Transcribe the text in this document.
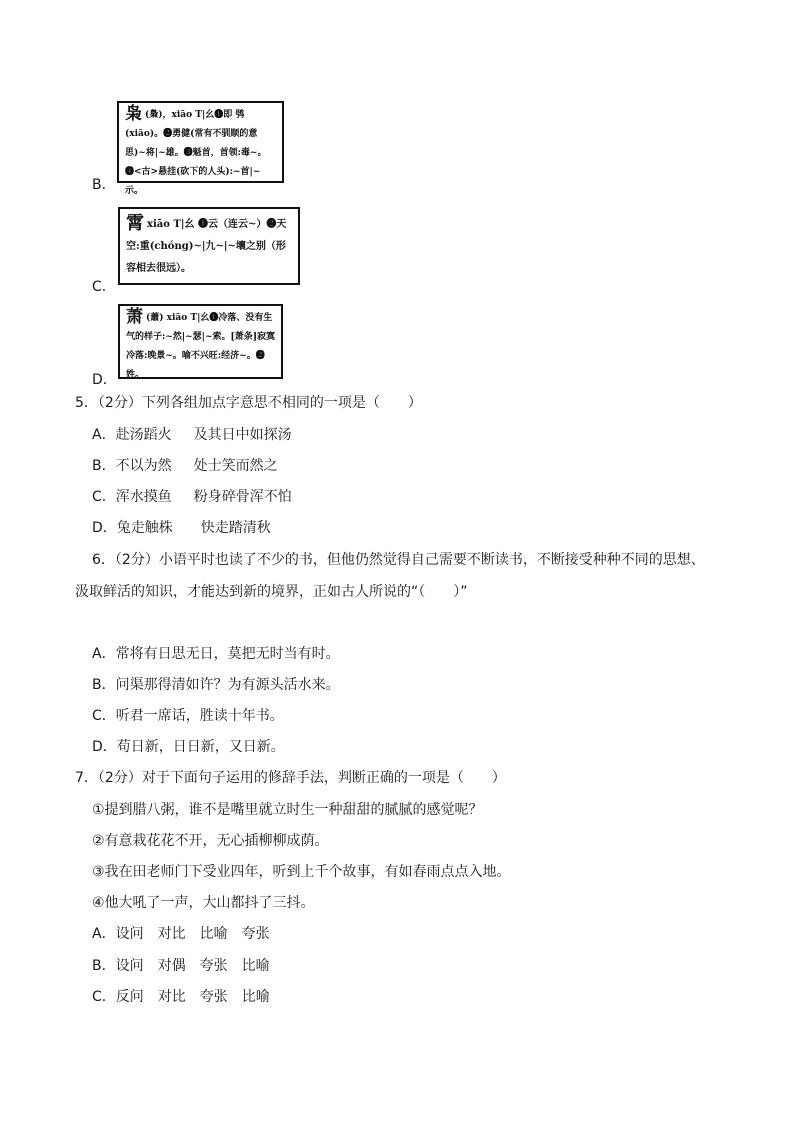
B．
枭 (梟)，xiāo T|幺❶即 鸮(xiāo)。❷勇健(常有不驯顺的意思)~将|~雄。❸魁首，首领:毒~。❹<古>悬挂(砍下的人头):~首|~示。
C．
霄xiāo T|幺 ❶云（连云~）❷天空:重(chóng)~|九~|~壤之别（形容相去很远）。
D．
萧 (蕭) xiāo T|幺❶冷落、没有生气的样子:~然|~瑟|~索。[萧条]寂寞冷落:晚景~。喻不兴旺:经济~。❷姓。
5．（2分）下列各组加点字意思不相同的一项是（　　）
A．赴汤蹈火 及其日中如探汤
B．不以为然 处士笑而然之
C．浑水摸鱼 粉身碎骨浑不怕
D．兔走触株 快走踏清秋
6．（2分）小语平时也读了不少的书，但他仍然觉得自己需要不断读书，不断接受种种不同的思想、
汲取鲜活的知识，才能达到新的境界，正如古人所说的“（　　）”
A．常将有日思无日，莫把无时当有时。
B．问渠那得清如许？为有源头活水来。
C．听君一席话，胜读十年书。
D．苟日新，日日新，又日新。
7．（2分）对于下面句子运用的修辞手法，判断正确的一项是（　　）
①提到腊八粥，谁不是嘴里就立时生一种甜甜的腻腻的感觉呢？
②有意栽花花不开，无心插柳柳成荫。
③我在田老师门下受业四年，听到上千个故事，有如春雨点点入地。
④他大吼了一声，大山都抖了三抖。
A．设问　对比　比喻　夸张
B．设问　对偶　夸张　比喻
C．反问　对比　夸张　比喻
